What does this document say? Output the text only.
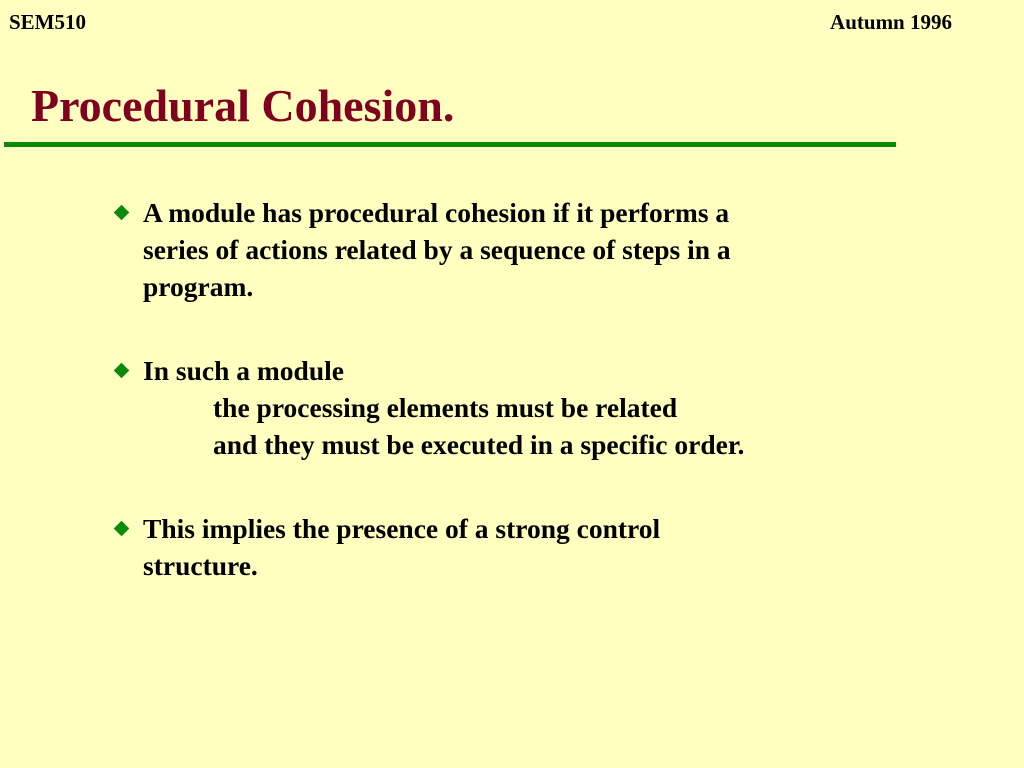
SEM510	Autumn 1996
Procedural Cohesion.
A module has procedural cohesion if it performs a
series of actions related by a sequence of steps in a
program.
In such a module
the processing elements must be related
and they must be executed in a specific order.
This implies the presence of a strong control
structure.
